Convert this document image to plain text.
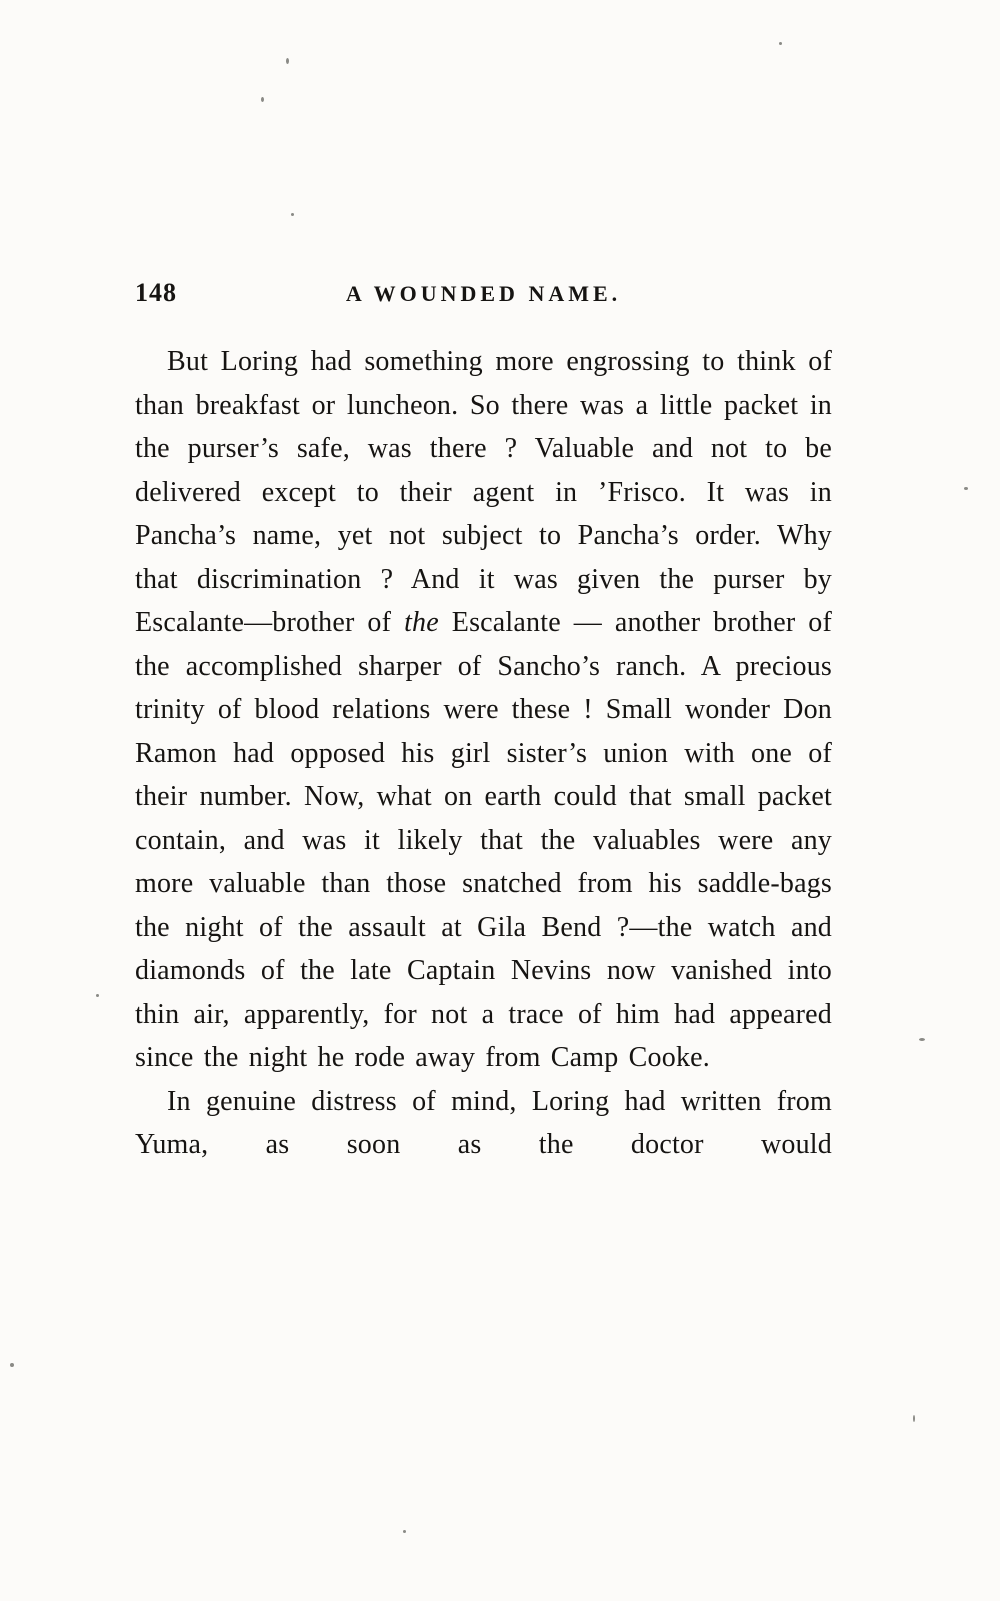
148	A WOUNDED NAME.

But Loring had something more engrossing to think of than breakfast or luncheon. So there was a little packet in the purser’s safe, was there ? Valuable and not to be delivered except to their agent in ’Frisco. It was in Pancha’s name, yet not subject to Pancha’s order. Why that discrimination ? And it was given the purser by Escalante—brother of the Escalante — another brother of the accomplished sharper of Sancho’s ranch. A precious trinity of blood relations were these ! Small wonder Don Ramon had opposed his girl sister’s union with one of their number. Now, what on earth could that small packet contain, and was it likely that the valuables were any more valuable than those snatched from his saddle-bags the night of the assault at Gila Bend ?—the watch and diamonds of the late Captain Nevins now vanished into thin air, apparently, for not a trace of him had appeared since the night he rode away from Camp Cooke.

In genuine distress of mind, Loring had written from Yuma, as soon as the doctor would
